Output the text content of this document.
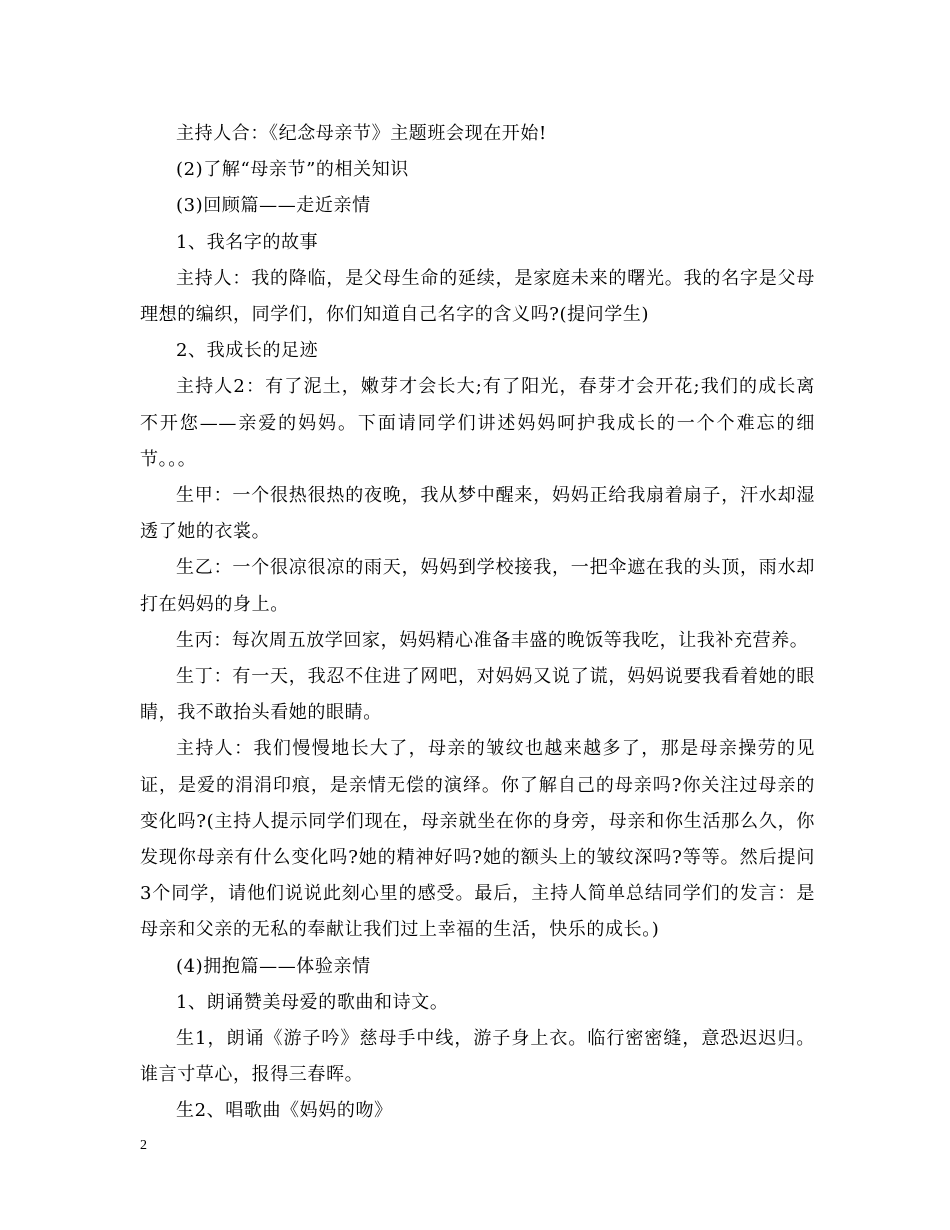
主持人合：《纪念母亲节》主题班会现在开始!

(2)了解“母亲节”的相关知识

(3)回顾篇——走近亲情

1、我名字的故事

主持人：我的降临，是父母生命的延续，是家庭未来的曙光。我的名字是父母理想的编织，同学们，你们知道自己名字的含义吗?(提问学生)

2、我成长的足迹

主持人2：有了泥土，嫩芽才会长大;有了阳光，春芽才会开花;我们的成长离不开您——亲爱的妈妈。下面请同学们讲述妈妈呵护我成长的一个个难忘的细节。。。

生甲：一个很热很热的夜晚，我从梦中醒来，妈妈正给我扇着扇子，汗水却湿透了她的衣裳。

生乙：一个很凉很凉的雨天，妈妈到学校接我，一把伞遮在我的头顶，雨水却打在妈妈的身上。

生丙：每次周五放学回家，妈妈精心准备丰盛的晚饭等我吃，让我补充营养。

生丁：有一天，我忍不住进了网吧，对妈妈又说了谎，妈妈说要我看着她的眼睛，我不敢抬头看她的眼睛。

主持人：我们慢慢地长大了，母亲的皱纹也越来越多了，那是母亲操劳的见证，是爱的涓涓印痕，是亲情无偿的演绎。你了解自己的母亲吗?你关注过母亲的变化吗?(主持人提示同学们现在，母亲就坐在你的身旁，母亲和你生活那么久，你发现你母亲有什么变化吗?她的精神好吗?她的额头上的皱纹深吗?等等。然后提问 3个同学，请他们说说此刻心里的感受。最后，主持人简单总结同学们的发言：是母亲和父亲的无私的奉献让我们过上幸福的生活，快乐的成长。)

(4)拥抱篇——体验亲情

1、朗诵赞美母爱的歌曲和诗文。

生1，朗诵《游子吟》慈母手中线，游子身上衣。临行密密缝，意恐迟迟归。谁言寸草心，报得三春晖。

生2、唱歌曲《妈妈的吻》

2
